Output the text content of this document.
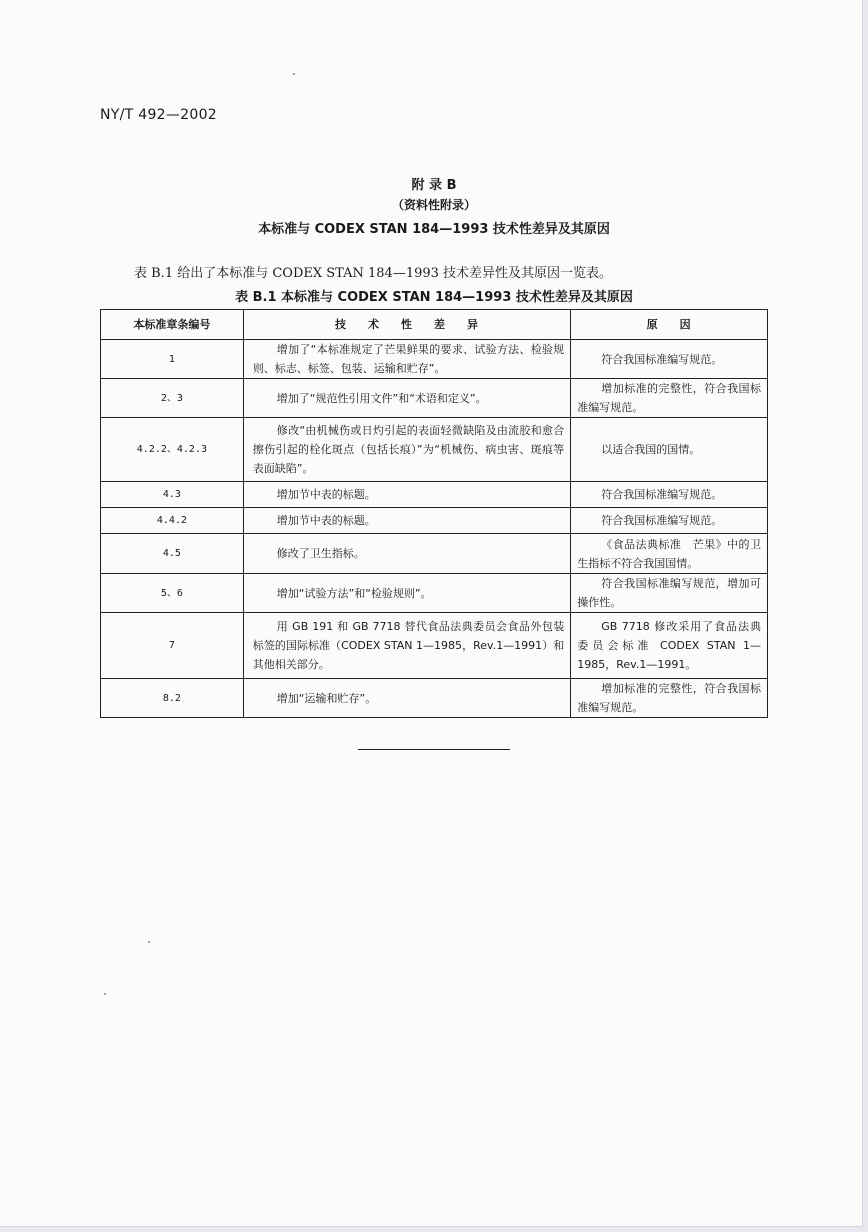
NY/T 492—2002
附 录 B
（资料性附录）
本标准与 CODEX STAN 184—1993 技术性差异及其原因
表 B.1 给出了本标准与 CODEX STAN 184—1993 技术差异性及其原因一览表。
表 B.1 本标准与 CODEX STAN 184—1993 技术性差异及其原因
本标准章条编号	技术性差异	原因
1	增加了“本标准规定了芒果鲜果的要求、试验方法、检验规则、标志、标签、包装、运输和贮存”。	符合我国标准编写规范。
2、3	增加了“规范性引用文件”和“术语和定义”。	增加标准的完整性，符合我国标准编写规范。
4.2.2、4.2.3	修改“由机械伤或日灼引起的表面轻微缺陷及由流胶和愈合擦伤引起的栓化斑点（包括长痕）”为“机械伤、病虫害、斑痕等表面缺陷”。	以适合我国的国情。
4.3	增加节中表的标题。	符合我国标准编写规范。
4.4.2	增加节中表的标题。	符合我国标准编写规范。
4.5	修改了卫生指标。	《食品法典标准　芒果》中的卫生指标不符合我国国情。
5、6	增加“试验方法”和“检验规则”。	符合我国标准编写规范，增加可操作性。
7	用 GB 191 和 GB 7718 替代食品法典委员会食品外包装标签的国际标准（CODEX STAN 1—1985，Rev.1—1991）和其他相关部分。	GB 7718 修改采用了食品法典委员会标准 CODEX STAN 1—1985，Rev.1—1991。
8.2	增加“运输和贮存”。	增加标准的完整性，符合我国标准编写规范。
